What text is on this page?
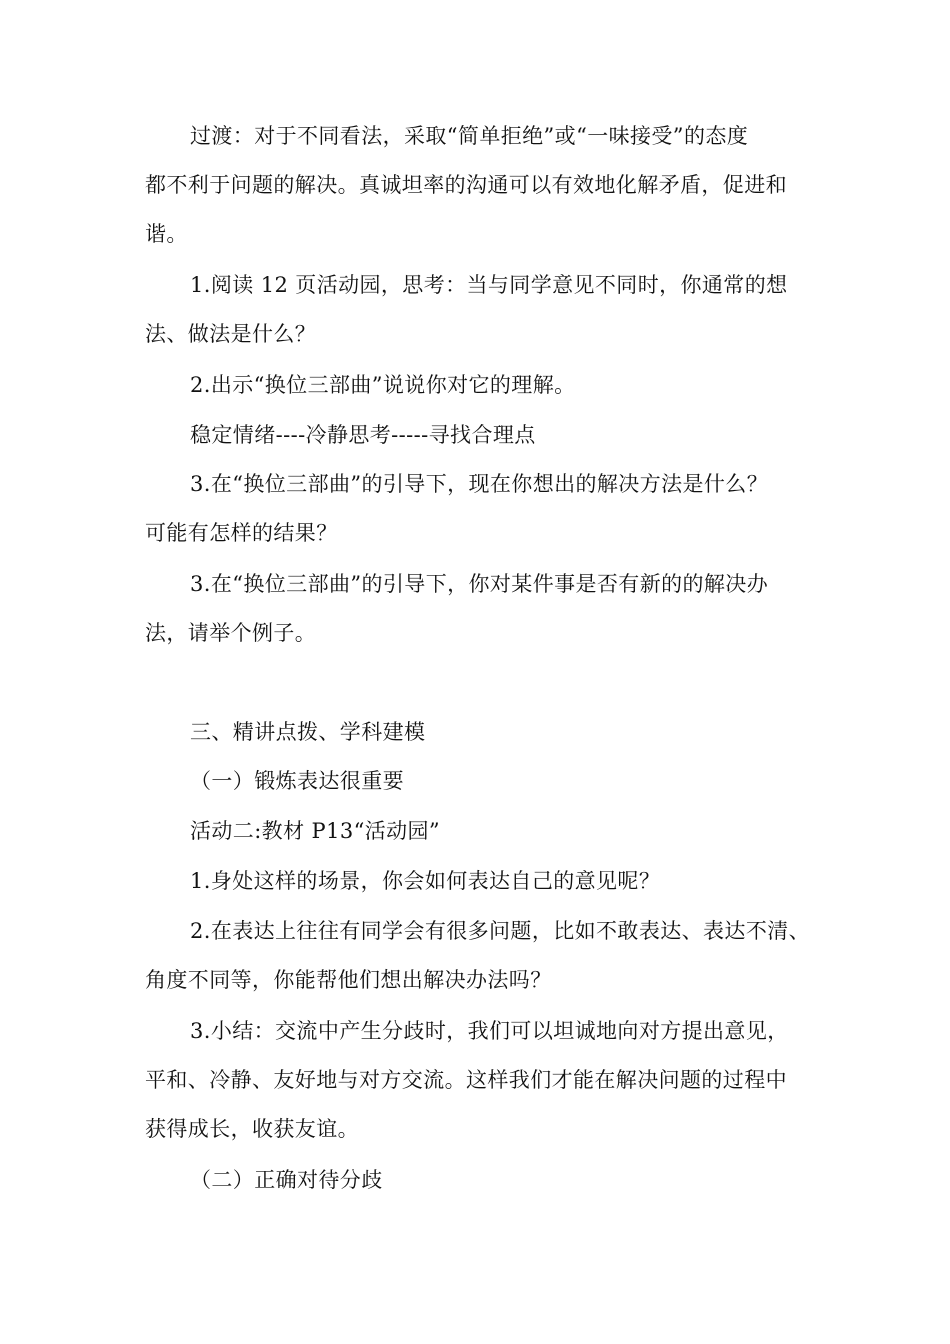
过渡：对于不同看法，采取“简单拒绝”或“一味接受”的态度
都不利于问题的解决。真诚坦率的沟通可以有效地化解矛盾，促进和
谐。
1.阅读 12 页活动园，思考：当与同学意见不同时，你通常的想
法、做法是什么？
2.出示“换位三部曲”说说你对它的理解。
稳定情绪----冷静思考-----寻找合理点
3.在“换位三部曲”的引导下，现在你想出的解决方法是什么？
可能有怎样的结果？
3.在“换位三部曲”的引导下，你对某件事是否有新的的解决办
法，请举个例子。
三、精讲点拨、学科建模
（一）锻炼表达很重要
活动二:教材 P13“活动园”
1.身处这样的场景，你会如何表达自己的意见呢？
2.在表达上往往有同学会有很多问题，比如不敢表达、表达不清、
角度不同等，你能帮他们想出解决办法吗？
3.小结：交流中产生分歧时，我们可以坦诚地向对方提出意见，
平和、冷静、友好地与对方交流。这样我们才能在解决问题的过程中
获得成长，收获友谊。
（二）正确对待分歧
